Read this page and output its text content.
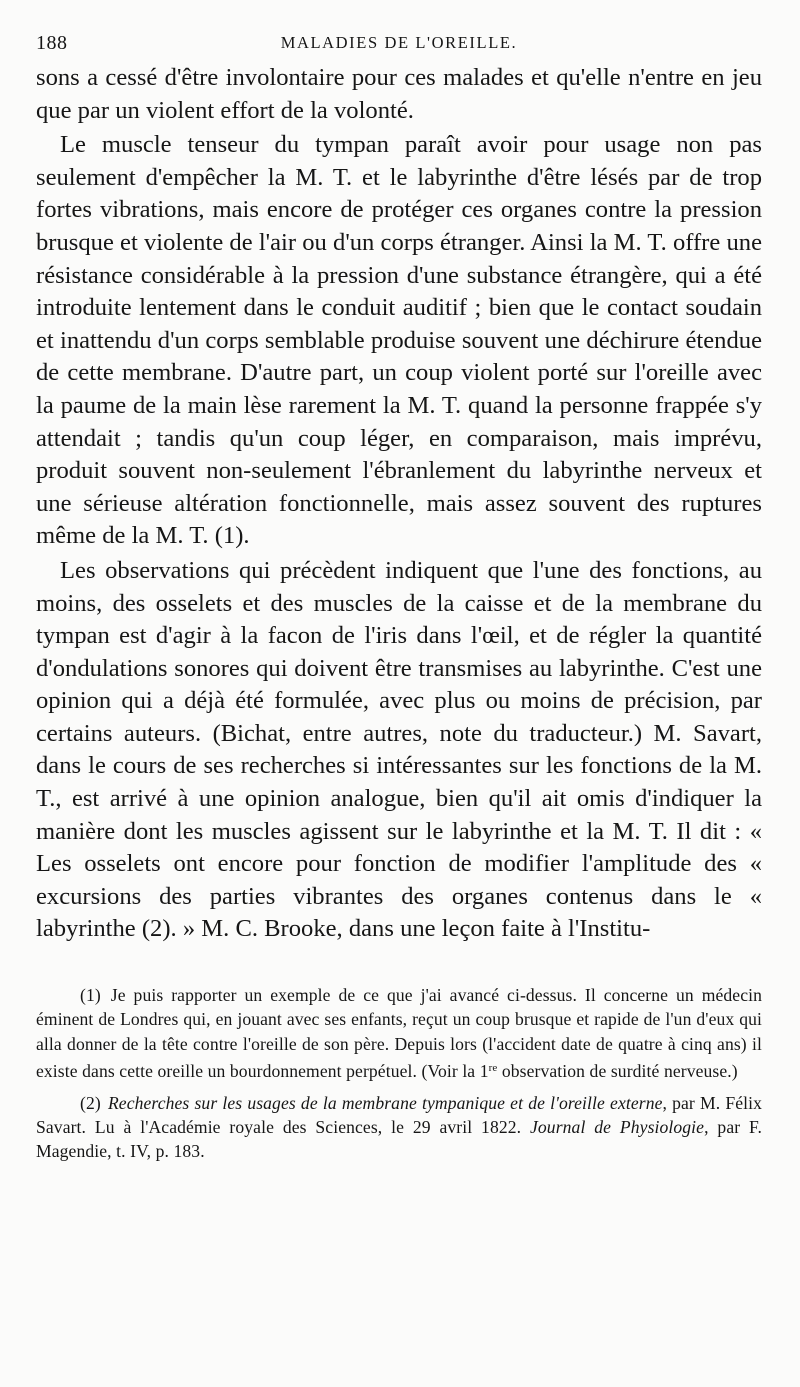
188	MALADIES DE L'OREILLE.

sons a cessé d'être involontaire pour ces malades et qu'elle n'entre en jeu que par un violent effort de la volonté.

Le muscle tenseur du tympan paraît avoir pour usage non pas seulement d'empêcher la M. T. et le labyrinthe d'être lésés par de trop fortes vibrations, mais encore de protéger ces organes contre la pression brusque et violente de l'air ou d'un corps étranger. Ainsi la M. T. offre une résistance considérable à la pression d'une substance étrangère, qui a été introduite lentement dans le conduit auditif ; bien que le contact soudain et inattendu d'un corps semblable produise souvent une déchirure étendue de cette membrane. D'autre part, un coup violent porté sur l'oreille avec la paume de la main lèse rarement la M. T. quand la personne frappée s'y attendait ; tandis qu'un coup léger, en comparaison, mais imprévu, produit souvent non-seulement l'ébranlement du labyrinthe nerveux et une sérieuse altération fonctionnelle, mais assez souvent des ruptures même de la M. T. (1).

Les observations qui précèdent indiquent que l'une des fonctions, au moins, des osselets et des muscles de la caisse et de la membrane du tympan est d'agir à la facon de l'iris dans l'œil, et de régler la quantité d'ondulations sonores qui doivent être transmises au labyrinthe. C'est une opinion qui a déjà été formulée, avec plus ou moins de précision, par certains auteurs. (Bichat, entre autres, note du traducteur.) M. Savart, dans le cours de ses recherches si intéressantes sur les fonctions de la M. T., est arrivé à une opinion analogue, bien qu'il ait omis d'indiquer la manière dont les muscles agissent sur le labyrinthe et la M. T. Il dit : « Les osselets ont encore pour fonction de modifier l'amplitude des « excursions des parties vibrantes des organes contenus dans le « labyrinthe (2). » M. C. Brooke, dans une leçon faite à l'Institu-

(1) Je puis rapporter un exemple de ce que j'ai avancé ci-dessus. Il concerne un médecin éminent de Londres qui, en jouant avec ses enfants, reçut un coup brusque et rapide de l'un d'eux qui alla donner de la tête contre l'oreille de son père. Depuis lors (l'accident date de quatre à cinq ans) il existe dans cette oreille un bourdonnement perpétuel. (Voir la 1re observation de surdité nerveuse.)

(2) Recherches sur les usages de la membrane tympanique et de l'oreille externe, par M. Félix Savart. Lu à l'Académie royale des Sciences, le 29 avril 1822. Journal de Physiologie, par F. Magendie, t. IV, p. 183.
